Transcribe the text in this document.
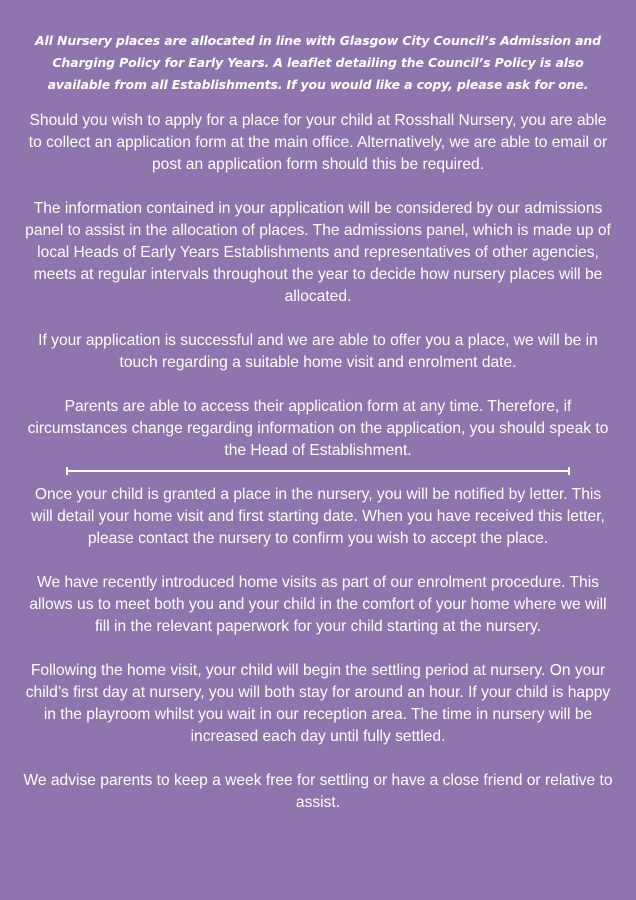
All Nursery places are allocated in line with Glasgow City Council’s Admission and Charging Policy for Early Years. A leaflet detailing the Council’s Policy is also available from all Establishments. If you would like a copy, please ask for one.

Should you wish to apply for a place for your child at Rosshall Nursery, you are able to collect an application form at the main office. Alternatively, we are able to email or post an application form should this be required.

The information contained in your application will be considered by our admissions panel to assist in the allocation of places. The admissions panel, which is made up of local Heads of Early Years Establishments and representatives of other agencies, meets at regular intervals throughout the year to decide how nursery places will be allocated.

If your application is successful and we are able to offer you a place, we will be in touch regarding a suitable home visit and enrolment date.

Parents are able to access their application form at any time. Therefore, if circumstances change regarding information on the application, you should speak to the Head of Establishment.

Once your child is granted a place in the nursery, you will be notified by letter. This will detail your home visit and first starting date. When you have received this letter, please contact the nursery to confirm you wish to accept the place.

We have recently introduced home visits as part of our enrolment procedure. This allows us to meet both you and your child in the comfort of your home where we will fill in the relevant paperwork for your child starting at the nursery.

Following the home visit, your child will begin the settling period at nursery. On your child’s first day at nursery, you will both stay for around an hour. If your child is happy in the playroom whilst you wait in our reception area. The time in nursery will be increased each day until fully settled.

We advise parents to keep a week free for settling or have a close friend or relative to assist.
